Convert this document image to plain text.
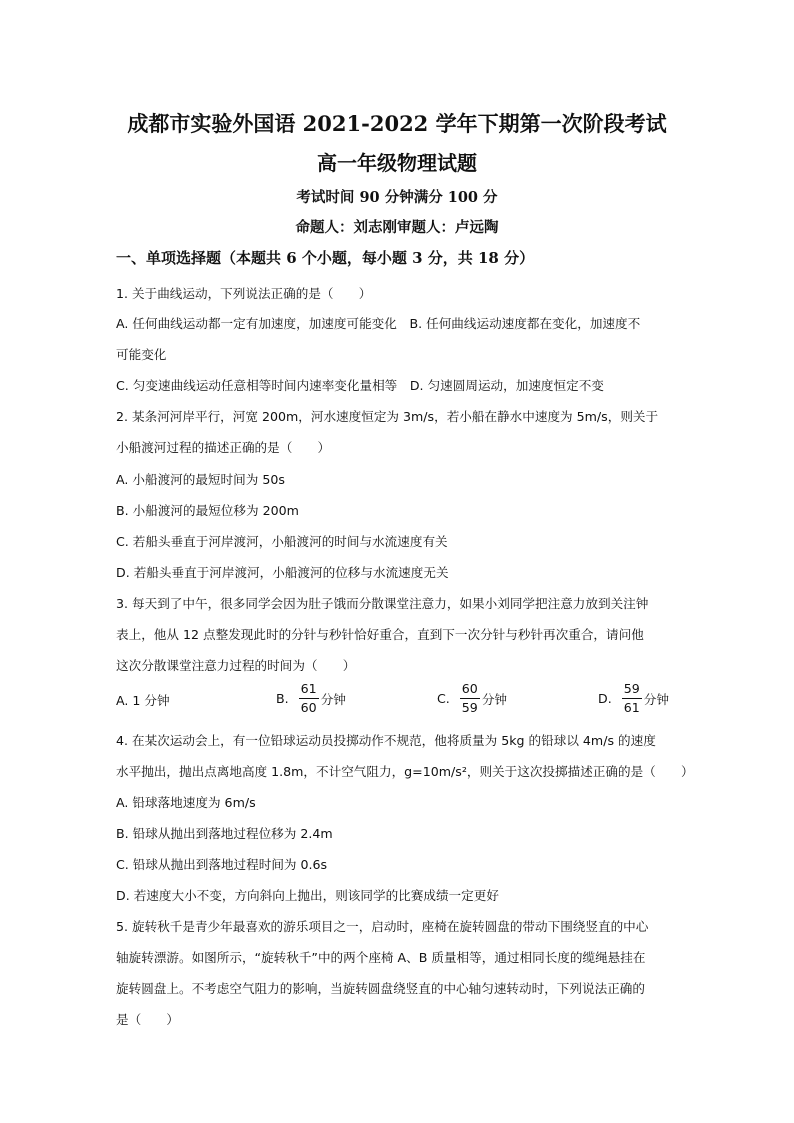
成都市实验外国语 2021-2022 学年下期第一次阶段考试
高一年级物理试题
考试时间 90 分钟满分 100 分
命题人：刘志刚审题人：卢远陶
一、单项选择题（本题共 6 个小题，每小题 3 分，共 18 分）
1. 关于曲线运动，下列说法正确的是（　　）
A. 任何曲线运动都一定有加速度，加速度可能变化　B. 任何曲线运动速度都在变化，加速度不
可能变化
C. 匀变速曲线运动任意相等时间内速率变化量相等　D. 匀速圆周运动，加速度恒定不变
2. 某条河河岸平行，河宽 200m，河水速度恒定为 3m/s，若小船在静水中速度为 5m/s，则关于
小船渡河过程的描述正确的是（　　）
A. 小船渡河的最短时间为 50s
B. 小船渡河的最短位移为 200m
C. 若船头垂直于河岸渡河，小船渡河的时间与水流速度有关
D. 若船头垂直于河岸渡河，小船渡河的位移与水流速度无关
3. 每天到了中午，很多同学会因为肚子饿而分散课堂注意力，如果小刘同学把注意力放到关注钟
表上，他从 12 点整发现此时的分针与秒针恰好重合，直到下一次分针与秒针再次重合，请问他
这次分散课堂注意力过程的时间为（　　）
A. 1 分钟	B. $\frac{61}{60}$ 分钟	C. $\frac{60}{59}$ 分钟	D. $\frac{59}{61}$ 分钟
4. 在某次运动会上，有一位铅球运动员投掷动作不规范，他将质量为 5kg 的铅球以 4m/s 的速度
水平抛出，抛出点离地高度 1.8m，不计空气阻力，g=10m/s²，则关于这次投掷描述正确的是（　　）
A. 铅球落地速度为 6m/s
B. 铅球从抛出到落地过程位移为 2.4m
C. 铅球从抛出到落地过程时间为 0.6s
D. 若速度大小不变，方向斜向上抛出，则该同学的比赛成绩一定更好
5. 旋转秋千是青少年最喜欢的游乐项目之一，启动时，座椅在旋转圆盘的带动下围绕竖直的中心
轴旋转漂游。如图所示，“旋转秋千”中的两个座椅 A、B 质量相等，通过相同长度的缆绳悬挂在
旋转圆盘上。不考虑空气阻力的影响，当旋转圆盘绕竖直的中心轴匀速转动时，下列说法正确的
是（　　）
